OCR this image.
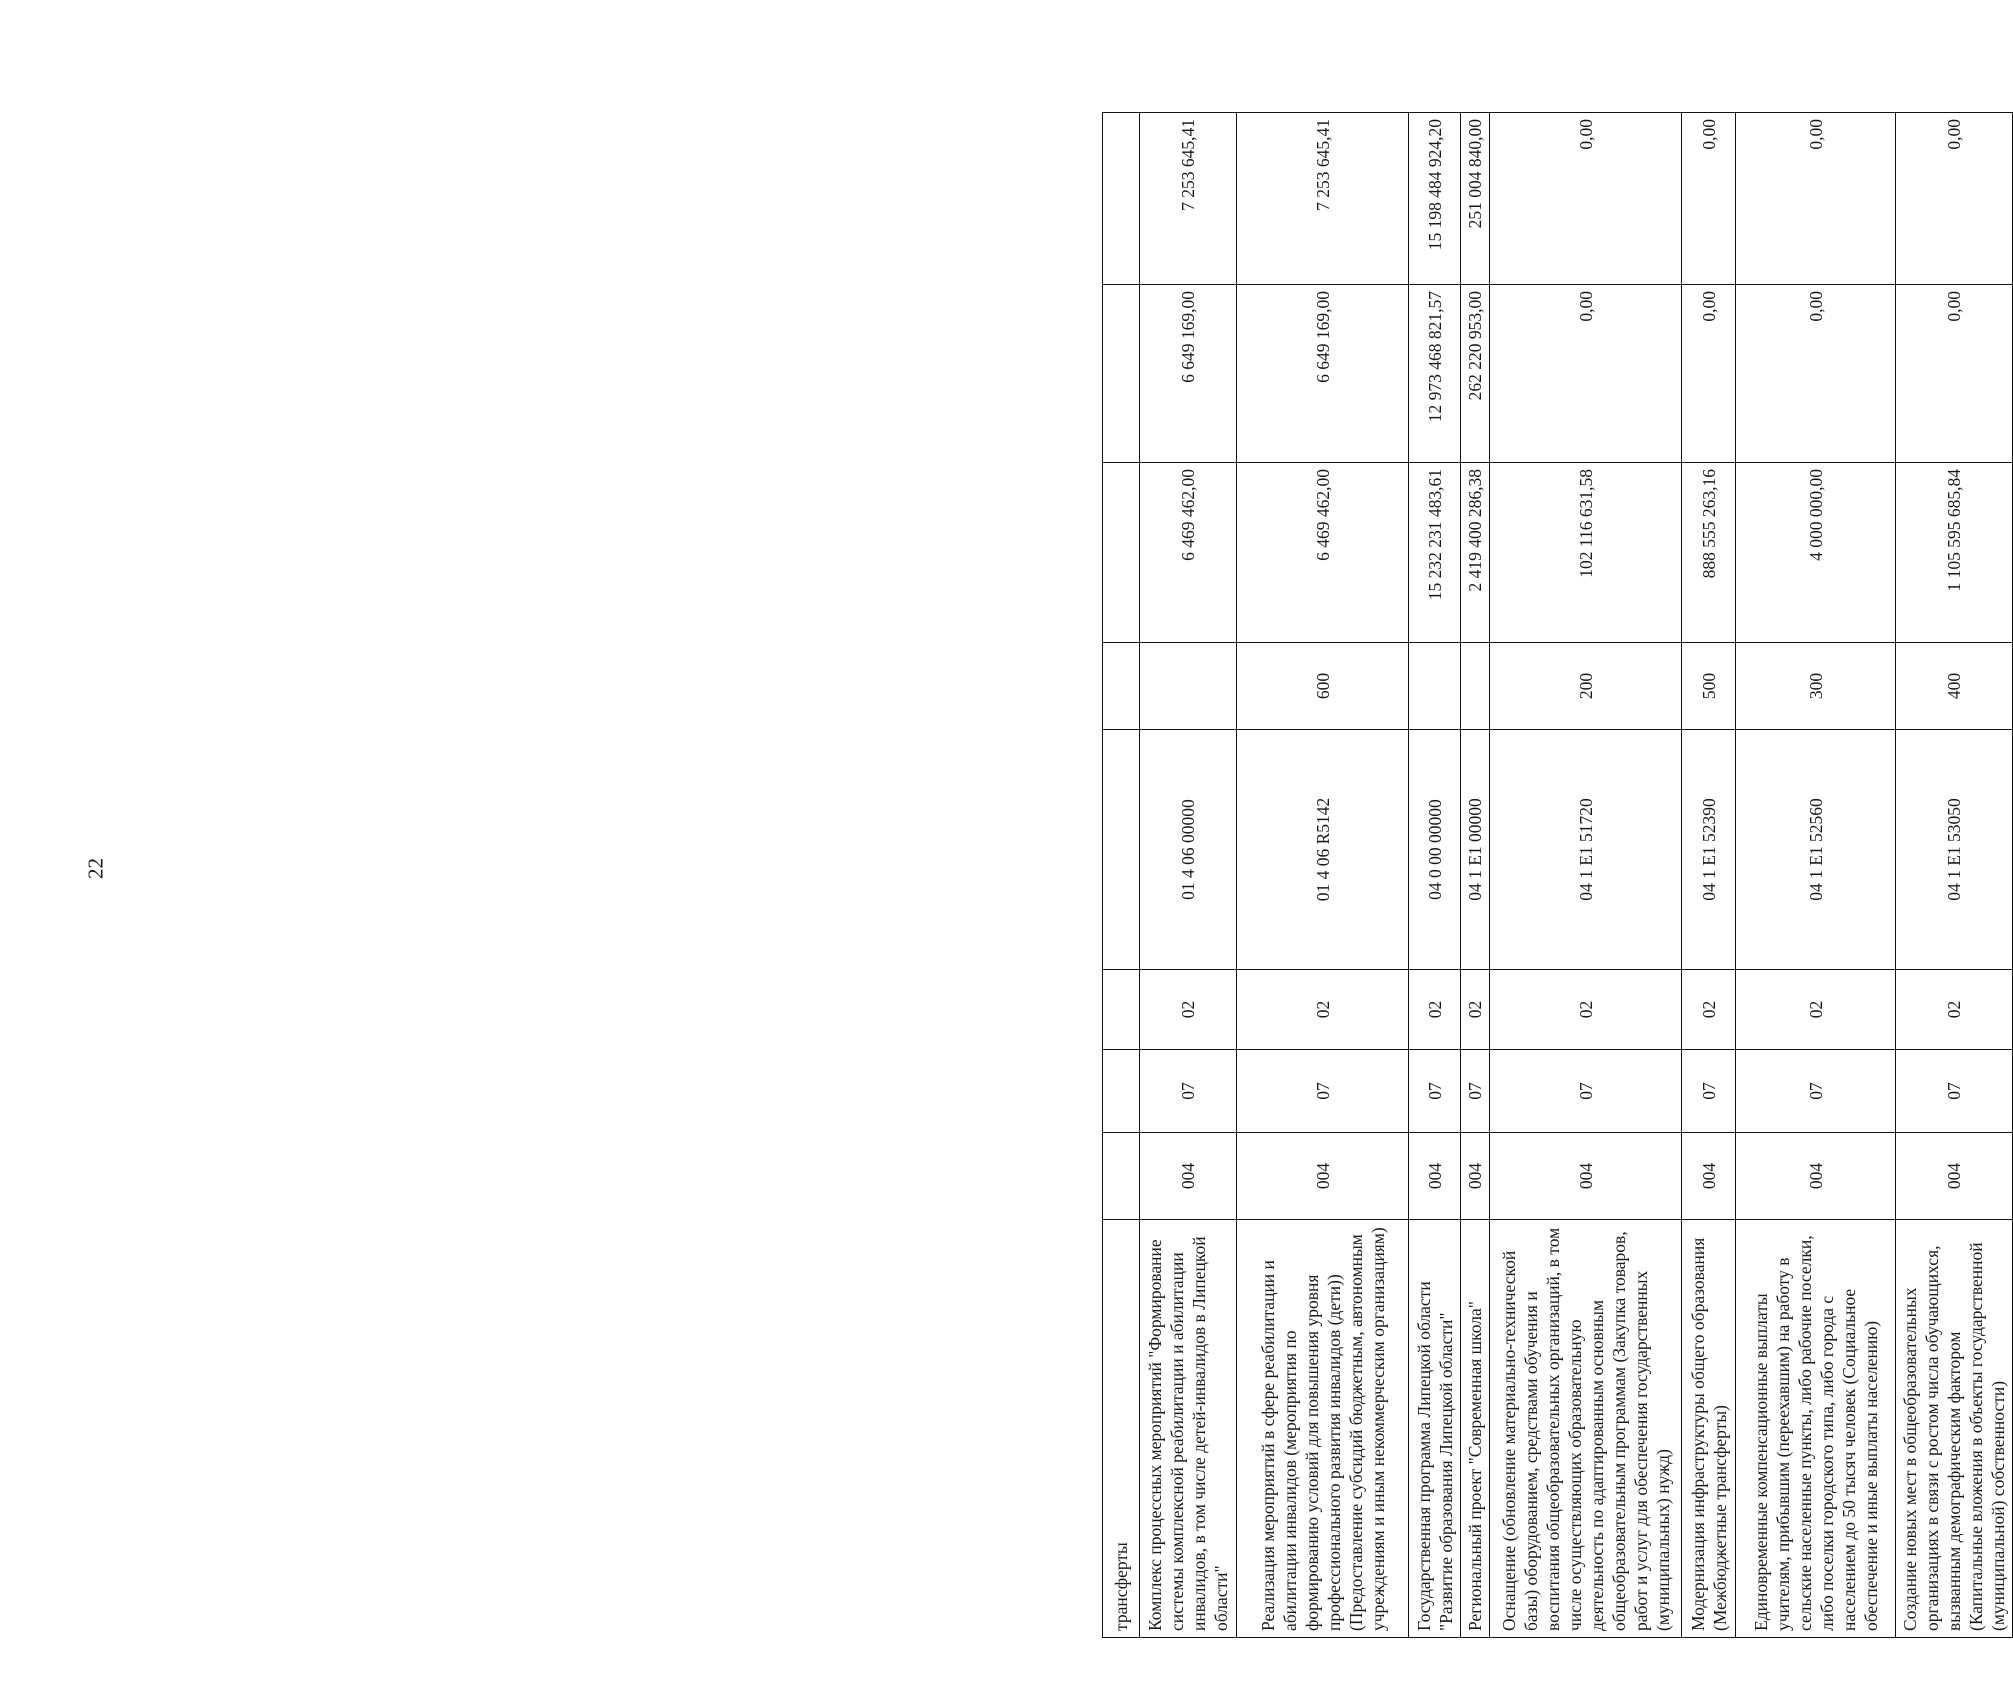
22
трансферты								
Комплекс процессных мероприятий "Формирование системы комплексной реабилитации и абилитации инвалидов, в том числе детей-инвалидов в Липецкой области"	004	07	02	01 4 06 00000		6 469 462,00	6 649 169,00	7 253 645,41
Реализация мероприятий в сфере реабилитации и абилитации инвалидов (мероприятия по формированию условий для повышения уровня профессионального развития инвалидов (дети)) (Предоставление субсидий бюджетным, автономным учреждениям и иным некоммерческим организациям)	004	07	02	01 4 06 R5142	600	6 469 462,00	6 649 169,00	7 253 645,41
Государственная программа Липецкой области "Развитие образования Липецкой области"	004	07	02	04 0 00 00000		15 232 231 483,61	12 973 468 821,57	15 198 484 924,20
Региональный проект "Современная школа"	004	07	02	04 1 E1 00000		2 419 400 286,38	262 220 953,00	251 004 840,00
Оснащение (обновление материально-технической базы) оборудованием, средствами обучения и воспитания общеобразовательных организаций, в том числе осуществляющих образовательную деятельность по адаптированным основным общеобразовательным программам (Закупка товаров, работ и услуг для обеспечения государственных (муниципальных) нужд)	004	07	02	04 1 E1 51720	200	102 116 631,58	0,00	0,00
Модернизация инфраструктуры общего образования (Межбюджетные трансферты)	004	07	02	04 1 E1 52390	500	888 555 263,16	0,00	0,00
Единовременные компенсационные выплаты учителям, прибывшим (переехавшим) на работу в сельские населенные пункты, либо рабочие поселки, либо поселки городского типа, либо города с населением до 50 тысяч человек (Социальное обеспечение и иные выплаты населению)	004	07	02	04 1 E1 52560	300	4 000 000,00	0,00	0,00
Создание новых мест в общеобразовательных организациях в связи с ростом числа обучающихся, вызванным демографическим фактором (Капитальные вложения в объекты государственной (муниципальной) собственности)	004	07	02	04 1 E1 53050	400	1 105 595 685,84	0,00	0,00
